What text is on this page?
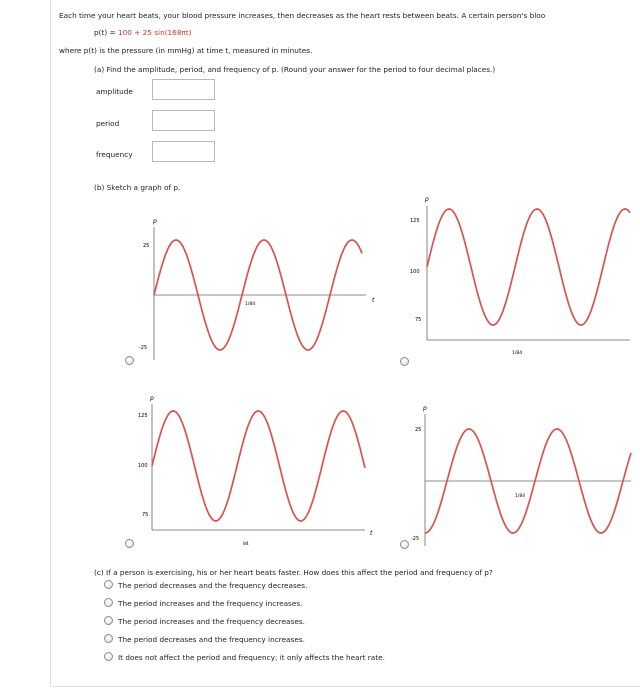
Each time your heart beats, your blood pressure increases, then decreases as the heart rests between beats. A certain person's bloo
p(t) = 100 + 25 sin(168πt)
where p(t) is the pressure (in mmHg) at time t, measured in minutes.
(a) Find the amplitude, period, and frequency of p. (Round your answer for the period to four decimal places.)
amplitude
period
frequency
(b) Sketch a graph of p.
p
t
25
-25
1/84
p
125
100
75
1/84
p
t
125
100
75
84
p
25
-25
1/84
(c) If a person is exercising, his or her heart beats faster. How does this affect the period and frequency of p?
The period decreases and the frequency decreases.
The period increases and the frequency increases.
The period increases and the frequency decreases.
The period decreases and the frequency increases.
It does not affect the period and frequency; it only affects the heart rate.
